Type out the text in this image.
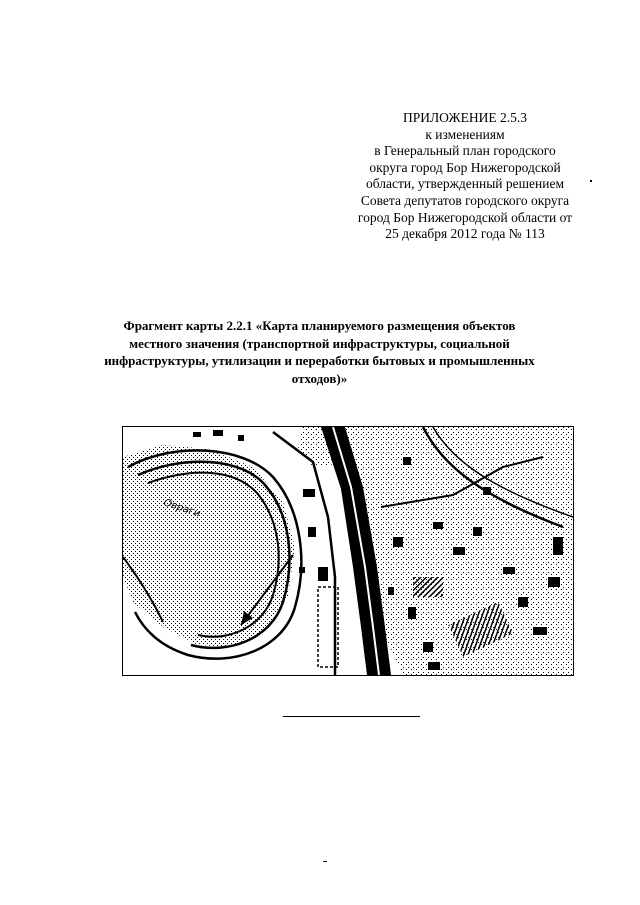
ПРИЛОЖЕНИЕ 2.5.3
к изменениям
в Генеральный план городского
округа город Бор Нижегородской
области, утвержденный решением
Совета депутатов городского округа
город Бор Нижегородской области от
25 декабря 2012 года № 113
Фрагмент карты 2.2.1 «Карта планируемого размещения объектов
местного значения (транспортной инфраструктуры, социальной
инфраструктуры, утилизации и переработки бытовых и промышленных
отходов)»
Овраги
